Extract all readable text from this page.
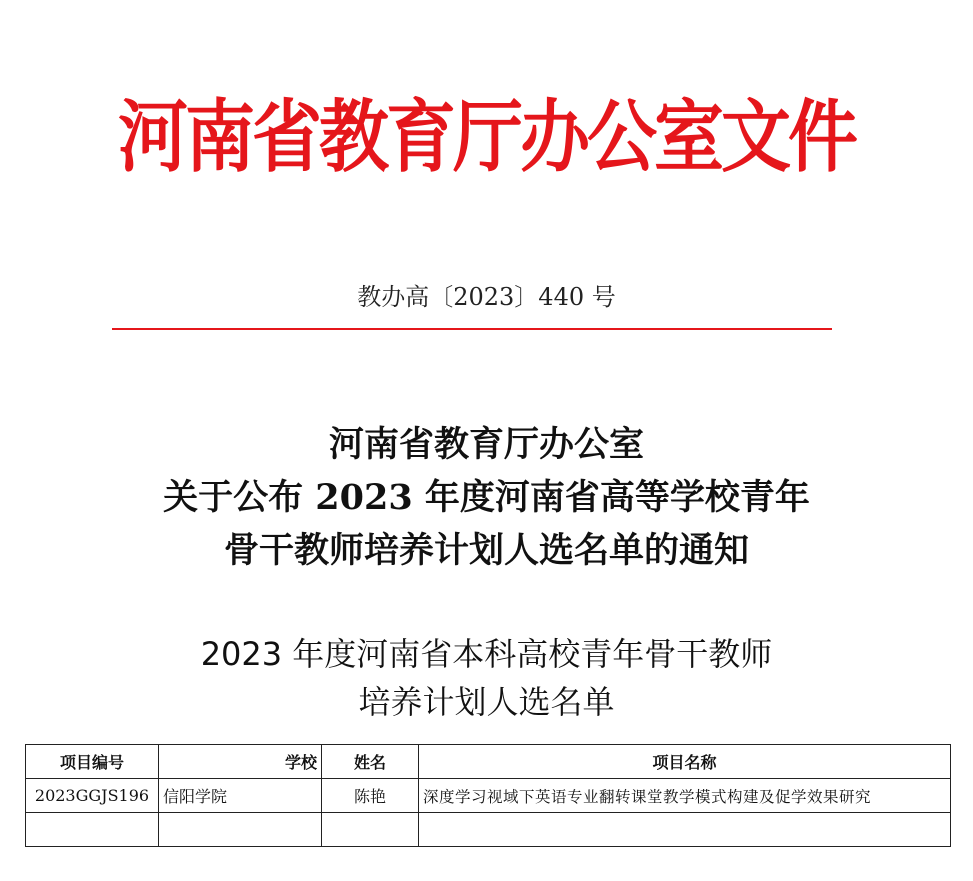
河南省教育厅办公室文件
教办高〔2023〕440 号
河南省教育厅办公室
关于公布 2023 年度河南省高等学校青年
骨干教师培养计划人选名单的通知
2023 年度河南省本科高校青年骨干教师
培养计划人选名单
项目编号	学校	姓名	项目名称
2023GGJS196	信阳学院	陈艳	深度学习视域下英语专业翻转课堂教学模式构建及促学效果研究
